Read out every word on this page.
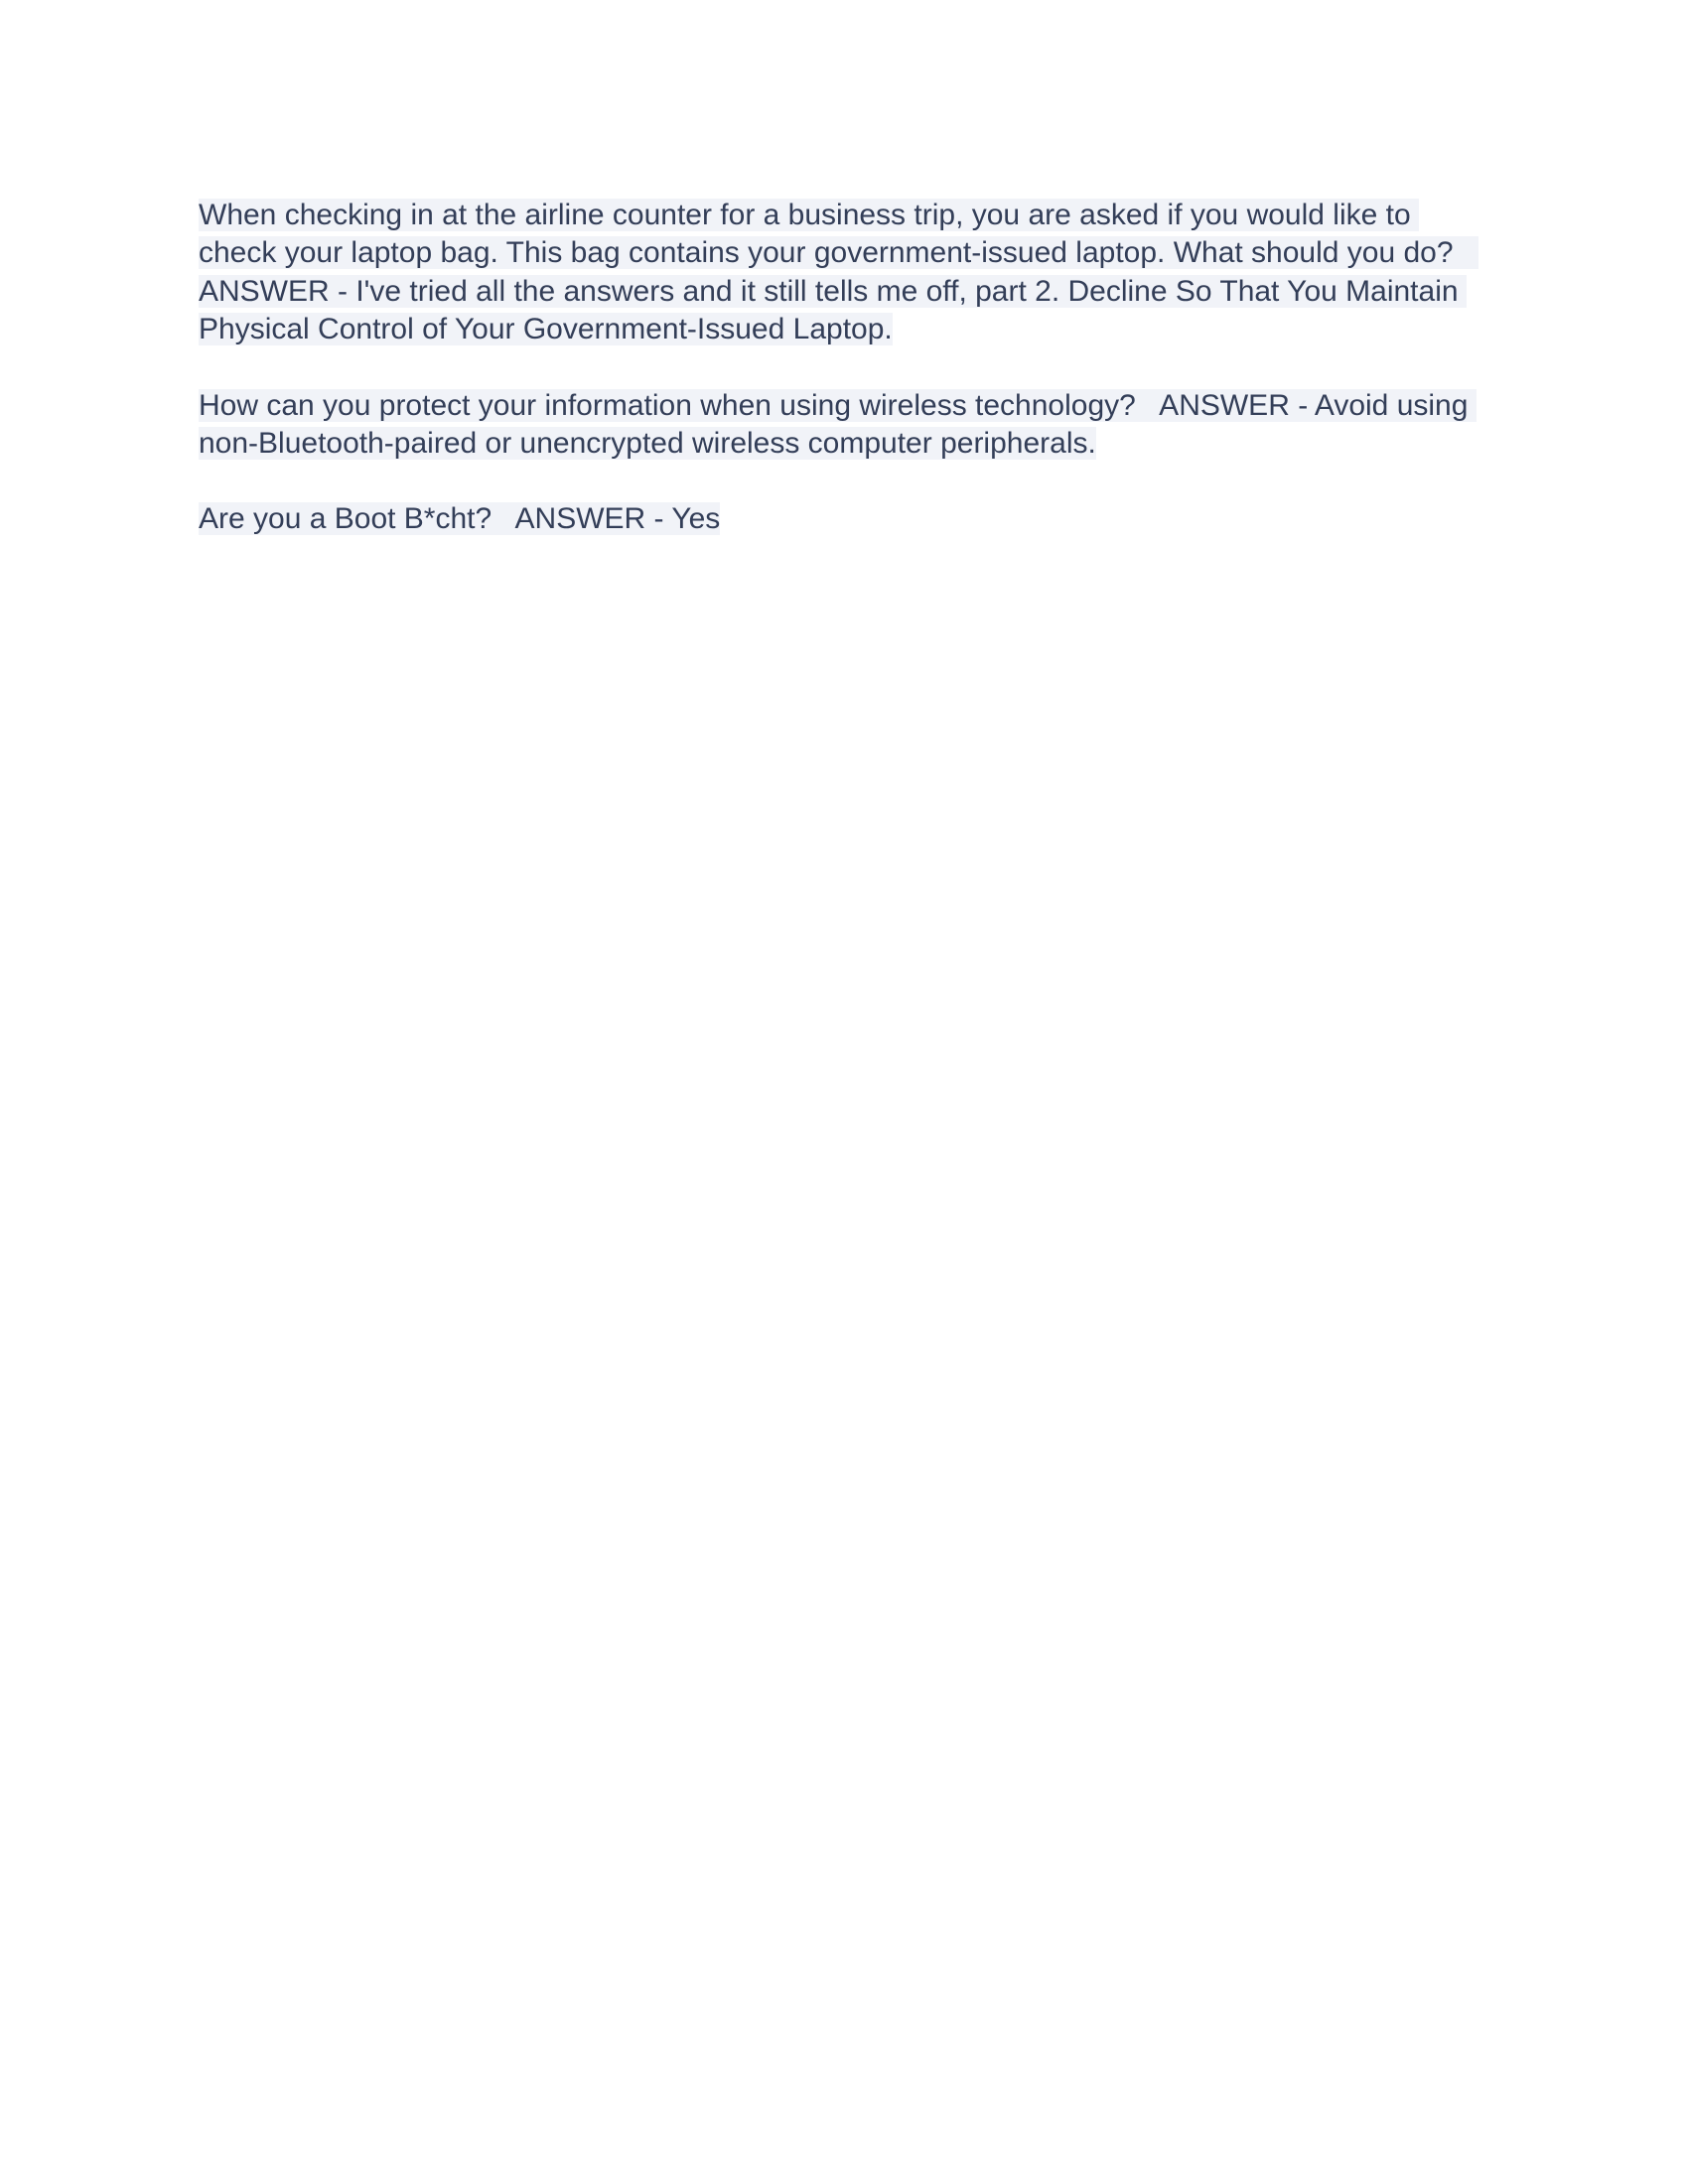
When checking in at the airline counter for a business trip, you are asked if you would like to check your laptop bag. This bag contains your government-issued laptop. What should you do?   ANSWER - I've tried all the answers and it still tells me off, part 2. Decline So That You Maintain Physical Control of Your Government-Issued Laptop.

How can you protect your information when using wireless technology?   ANSWER - Avoid using non-Bluetooth-paired or unencrypted wireless computer peripherals.

Are you a Boot B*cht?   ANSWER - Yes
